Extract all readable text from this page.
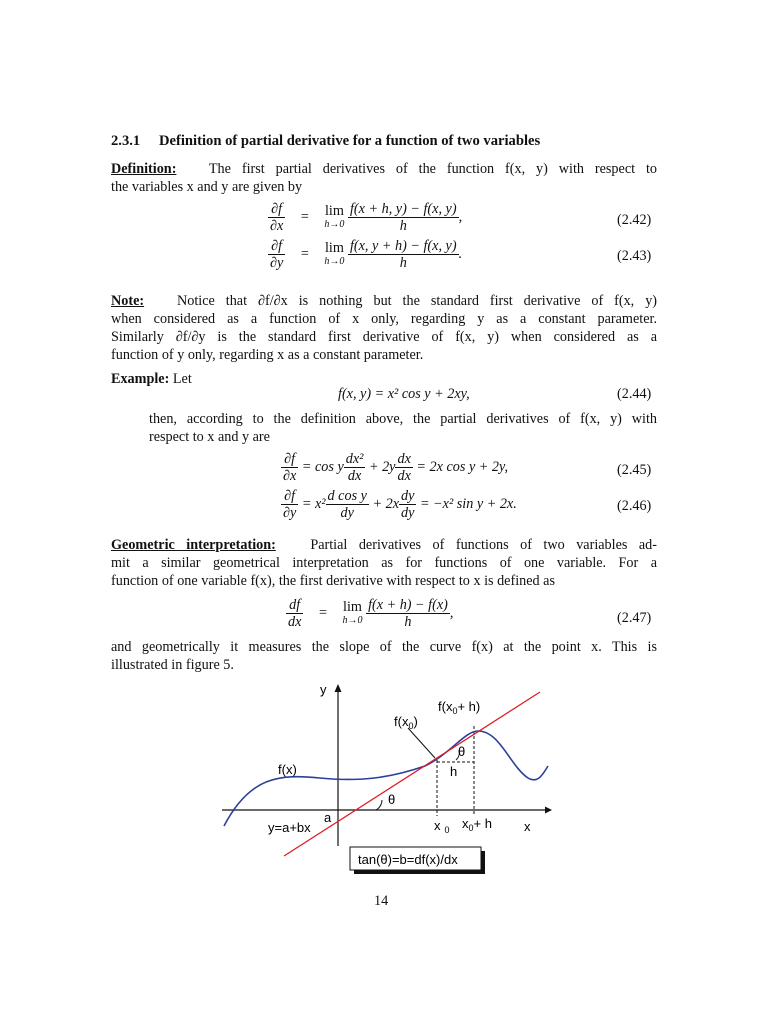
2.3.1 Definition of partial derivative for a function of two variables
Definition: The first partial derivatives of the function f(x, y) with respect to
the variables x and y are given by
$\frac{\partial f}{\partial x} = \lim$
h→0
$\frac{f(x + h, y) - f(x, y)}{h}$ ,	(2.42)
$\frac{\partial f}{\partial y} = \lim$
h→0
$\frac{f(x, y + h) - f(x, y)}{h}$ .	(2.43)
Note: Notice that ∂f/∂x is nothing but the standard first derivative of f(x, y)
when considered as a function of x only, regarding y as a constant parameter.
Similarly ∂f/∂y is the standard first derivative of f(x, y) when considered as a
function of y only, regarding x as a constant parameter.
Example: Let
f(x, y) = x² cos y + 2xy,	(2.44)
then, according to the definition above, the partial derivatives of f(x, y) with
respect to x and y are
$\frac{\partial f}{\partial x} = \cos y \frac{\text{dx²}}{dx} + 2y \frac{dx}{dx} = 2x$ cos y + 2y,	(2.45)
$\frac{\partial f}{\partial y} = x^2 \frac{\text{d cos y}}{dy} + 2x \frac{dy}{dy} = -x^2$ sin y + 2x.	(2.46)
Geometric interpretation: Partial derivatives of functions of two variables ad-
mit a similar geometrical interpretation as for functions of one variable. For a
function of one variable f(x), the first derivative with respect to x is defined as
$\frac{df}{dx} = \lim$
h→0
$\frac{f(x + h) - f(x)}{h}$ ,	(2.47)
and geometrically it measures the slope of the curve f(x) at the point x. This is
illustrated in figure 5.
y
x
f(x)
$f(x_0)$
$f(x_0+ h)$
θ
h
θ
a
y=a+bx	x $_0$ $x_0+ h$
tan(θ)=b=df(x)/dx
14
